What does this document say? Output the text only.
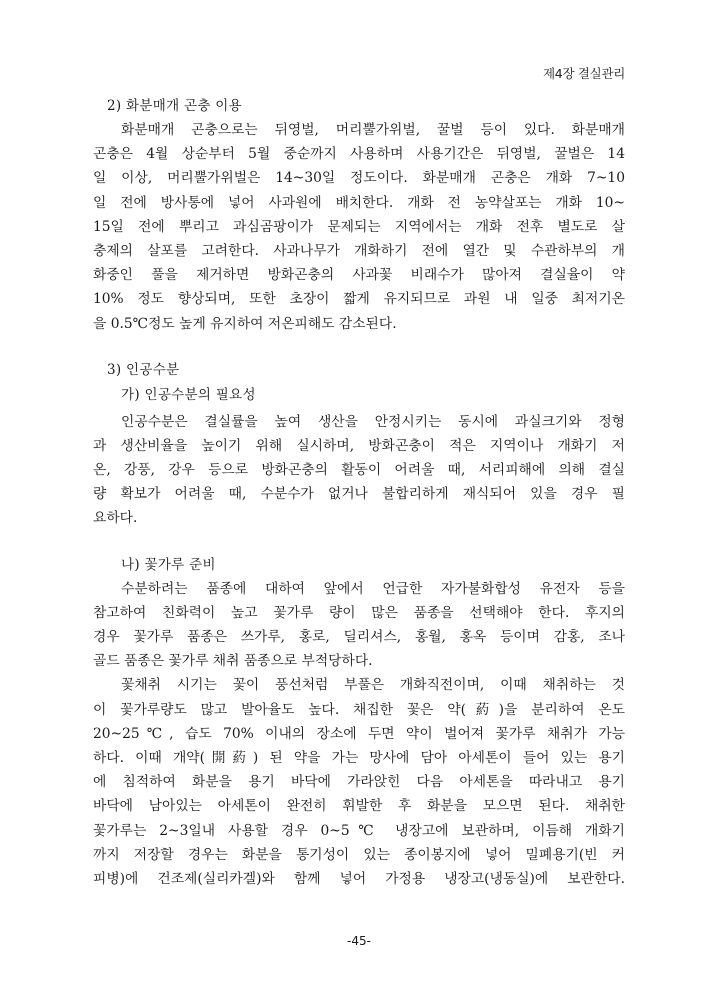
제4장 결실관리
2) 화분매개 곤충 이용
화분매개 곤충으로는 뒤영벌, 머리뿔가위벌, 꿀벌 등이 있다. 화분매개
곤충은 4월 상순부터 5월 중순까지 사용하며 사용기간은 뒤영벌, 꿀벌은 14
일 이상, 머리뿔가위벌은 14~30일 정도이다. 화분매개 곤충은 개화 7~10
일 전에 방사통에 넣어 사과원에 배치한다. 개화 전 농약살포는 개화 10~
15일 전에 뿌리고 과심곰팡이가 문제되는 지역에서는 개화 전후 별도로 살
충제의 살포를 고려한다. 사과나무가 개화하기 전에 열간 및 수관하부의 개
화중인 풀을 제거하면 방화곤충의 사과꽃 비래수가 많아져 결실율이 약
10% 정도 향상되며, 또한 초장이 짧게 유지되므로 과원 내 일중 최저기온
을 0.5℃정도 높게 유지하여 저온피해도 감소된다.
3) 인공수분
가) 인공수분의 필요성
인공수분은 결실률을 높여 생산을 안정시키는 동시에 과실크기와 정형
과 생산비율을 높이기 위해 실시하며, 방화곤충이 적은 지역이나 개화기 저
온, 강풍, 강우 등으로 방화곤충의 활동이 어려울 때, 서리피해에 의해 결실
량 확보가 어려울 때, 수분수가 없거나 불합리하게 재식되어 있을 경우 필
요하다.
나) 꽃가루 준비
수분하려는 품종에 대하여 앞에서 언급한 자가불화합성 유전자 등을
참고하여 친화력이 높고 꽃가루 량이 많은 품종을 선택해야 한다. 후지의
경우 꽃가루 품종은 쓰가루, 홍로, 딜리셔스, 홍월, 홍옥 등이며 감홍, 조나
골드 품종은 꽃가루 채취 품종으로 부적당하다.
꽃채취 시기는 꽃이 풍선처럼 부풀은 개화직전이며, 이때 채취하는 것
이 꽃가루량도 많고 발아율도 높다. 채집한 꽃은 약(葯)을 분리하여 온도
20~25℃, 습도 70% 이내의 장소에 두면 약이 벌어져 꽃가루 채취가 가능
하다. 이때 개약(開葯) 된 약을 가는 망사에 담아 아세톤이 들어 있는 용기
에 침적하여 화분을 용기 바닥에 가라앉힌 다음 아세톤을 따라내고 용기
바닥에 남아있는 아세톤이 완전히 휘발한 후 화분을 모으면 된다. 채취한
꽃가루는 2~3일내 사용할 경우 0~5℃ 냉장고에 보관하며, 이듬해 개화기
까지 저장할 경우는 화분을 통기성이 있는 종이봉지에 넣어 밀폐용기(빈 커
피병)에 건조제(실리카겔)와 함께 넣어 가정용 냉장고(냉동실)에 보관한다.
-45-
